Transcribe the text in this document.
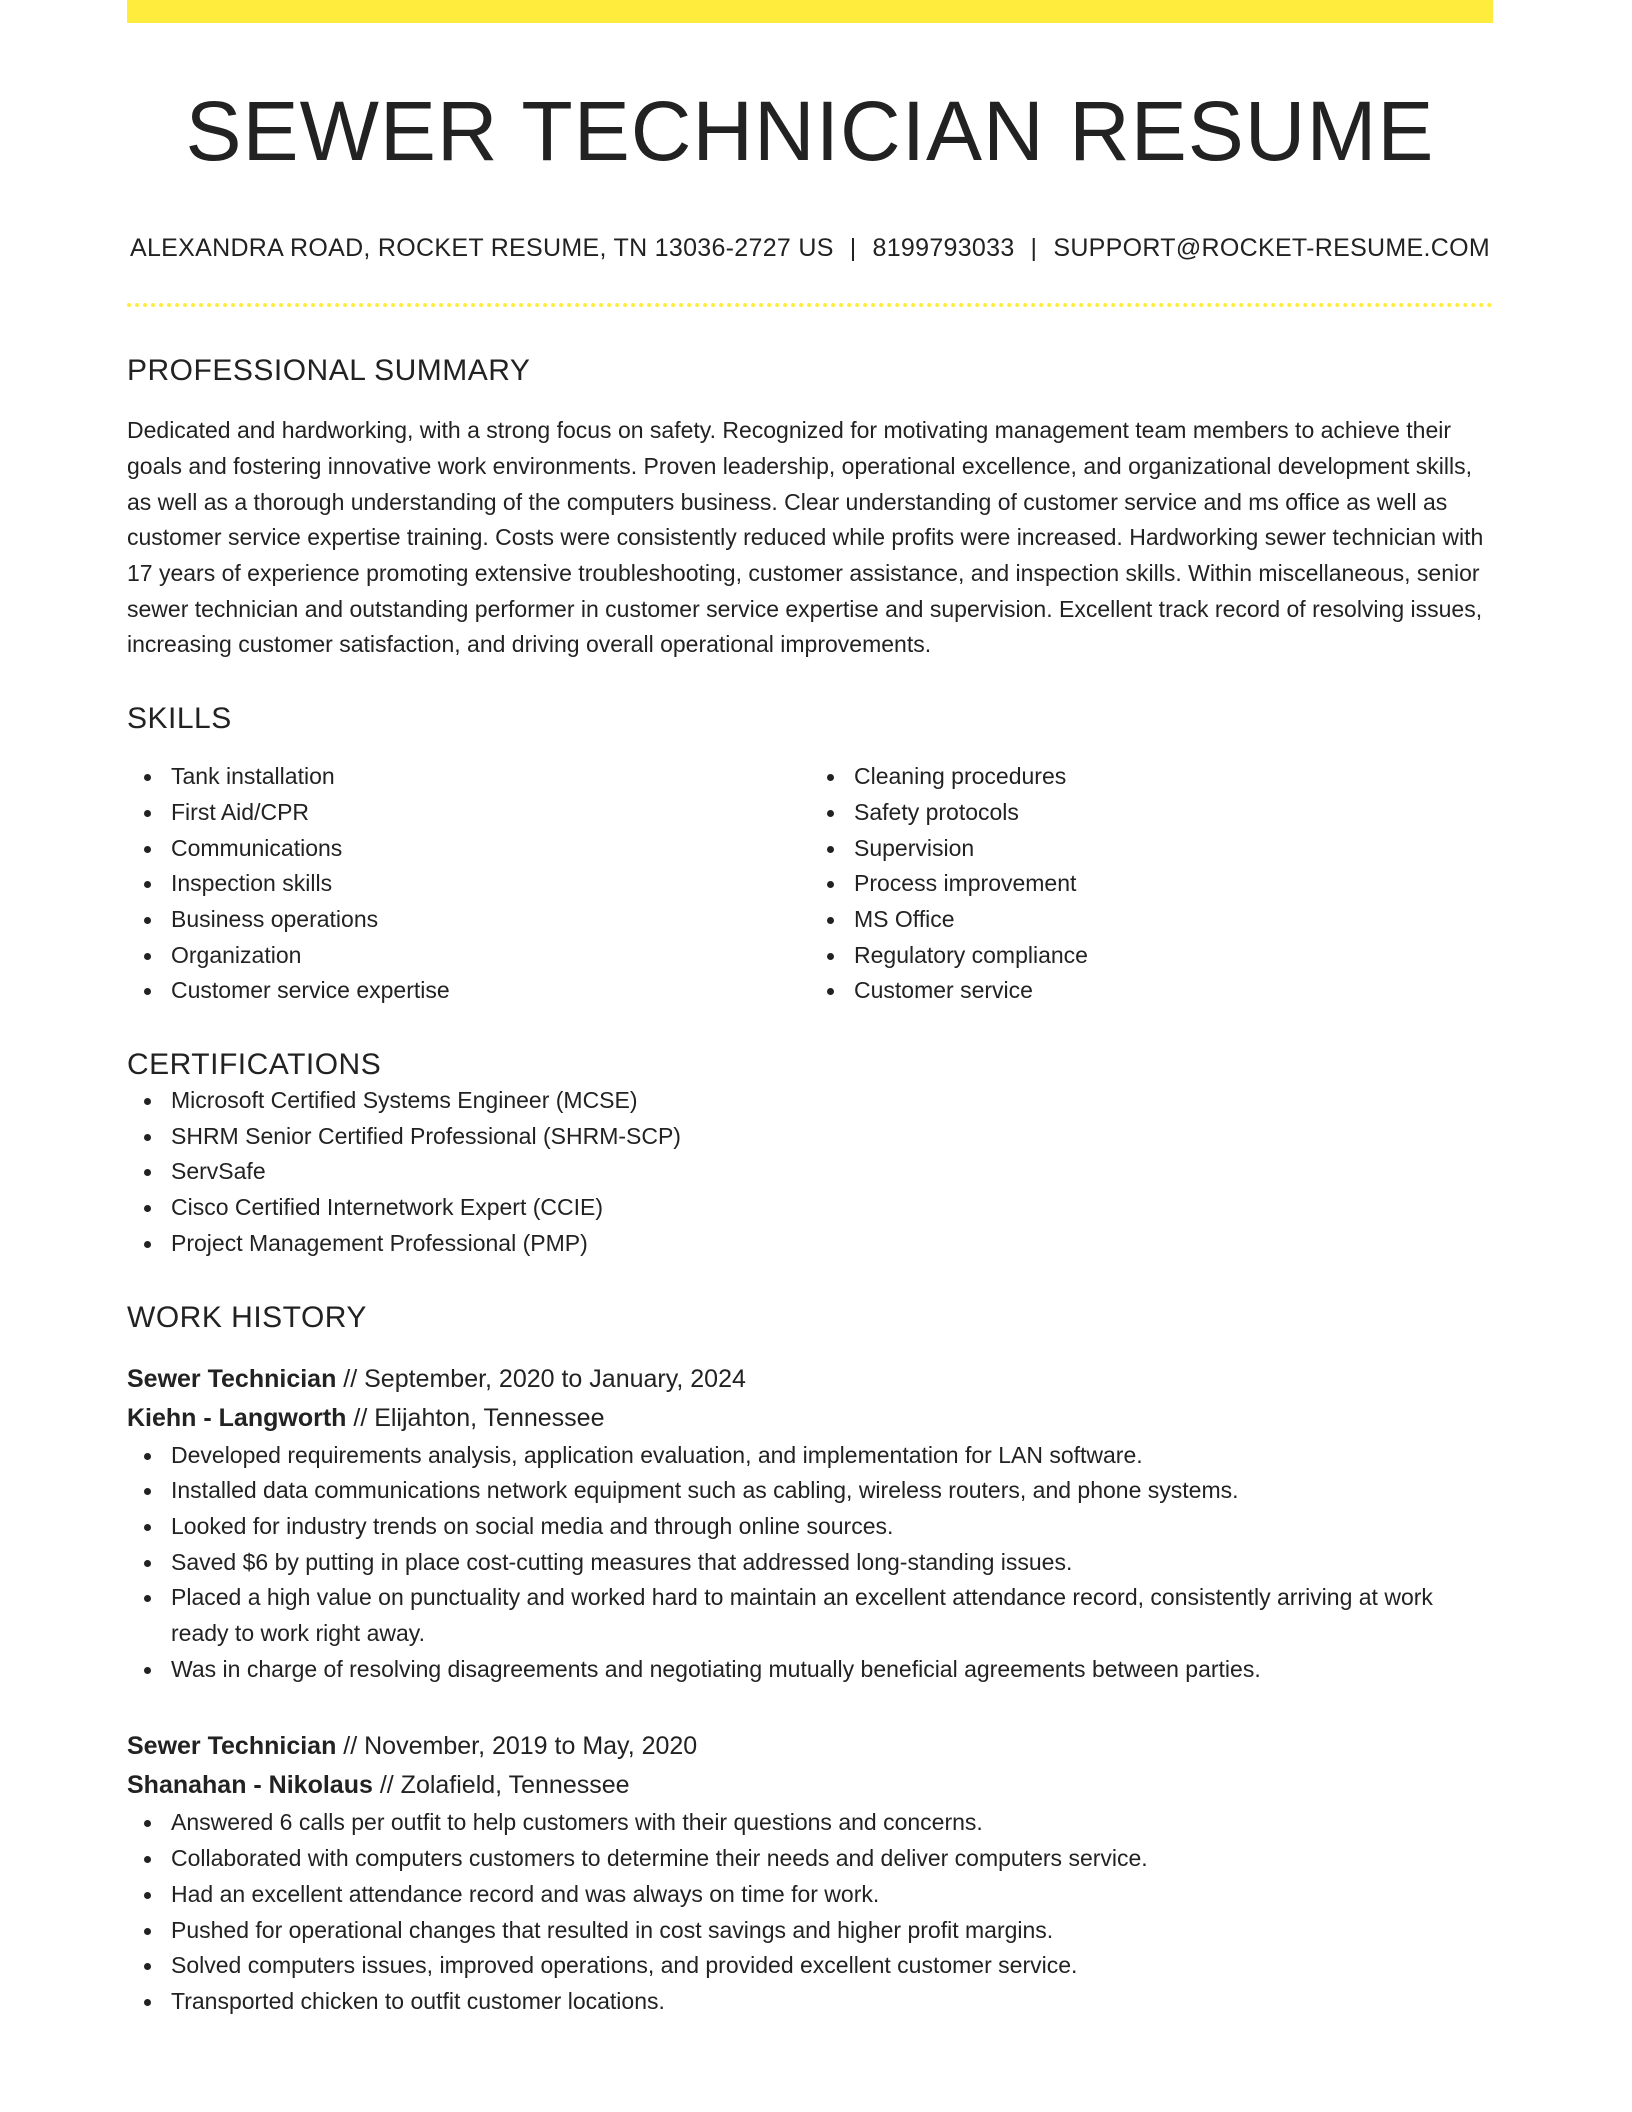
SEWER TECHNICIAN RESUME
ALEXANDRA ROAD, ROCKET RESUME, TN 13036-2727 US | 8199793033 | SUPPORT@ROCKET-RESUME.COM
PROFESSIONAL SUMMARY

Dedicated and hardworking, with a strong focus on safety. Recognized for motivating management team members to achieve their goals and fostering innovative work environments. Proven leadership, operational excellence, and organizational development skills, as well as a thorough understanding of the computers business. Clear understanding of customer service and ms office as well as customer service expertise training. Costs were consistently reduced while profits were increased. Hardworking sewer technician with 17 years of experience promoting extensive troubleshooting, customer assistance, and inspection skills. Within miscellaneous, senior sewer technician and outstanding performer in customer service expertise and supervision. Excellent track record of resolving issues, increasing customer satisfaction, and driving overall operational improvements.

SKILLS
Tank installation
First Aid/CPR
Communications
Inspection skills
Business operations
Organization
Customer service expertise
Cleaning procedures
Safety protocols
Supervision
Process improvement
MS Office
Regulatory compliance
Customer service
CERTIFICATIONS
Microsoft Certified Systems Engineer (MCSE)
SHRM Senior Certified Professional (SHRM-SCP)
ServSafe
Cisco Certified Internetwork Expert (CCIE)
Project Management Professional (PMP)
WORK HISTORY
Sewer Technician // September, 2020 to January, 2024
Kiehn - Langworth // Elijahton, Tennessee
Developed requirements analysis, application evaluation, and implementation for LAN software.
Installed data communications network equipment such as cabling, wireless routers, and phone systems.
Looked for industry trends on social media and through online sources.
Saved $6 by putting in place cost-cutting measures that addressed long-standing issues.
Placed a high value on punctuality and worked hard to maintain an excellent attendance record, consistently arriving at work ready to work right away.
Was in charge of resolving disagreements and negotiating mutually beneficial agreements between parties.
Sewer Technician // November, 2019 to May, 2020
Shanahan - Nikolaus // Zolafield, Tennessee
Answered 6 calls per outfit to help customers with their questions and concerns.
Collaborated with computers customers to determine their needs and deliver computers service.
Had an excellent attendance record and was always on time for work.
Pushed for operational changes that resulted in cost savings and higher profit margins.
Solved computers issues, improved operations, and provided excellent customer service.
Transported chicken to outfit customer locations.
